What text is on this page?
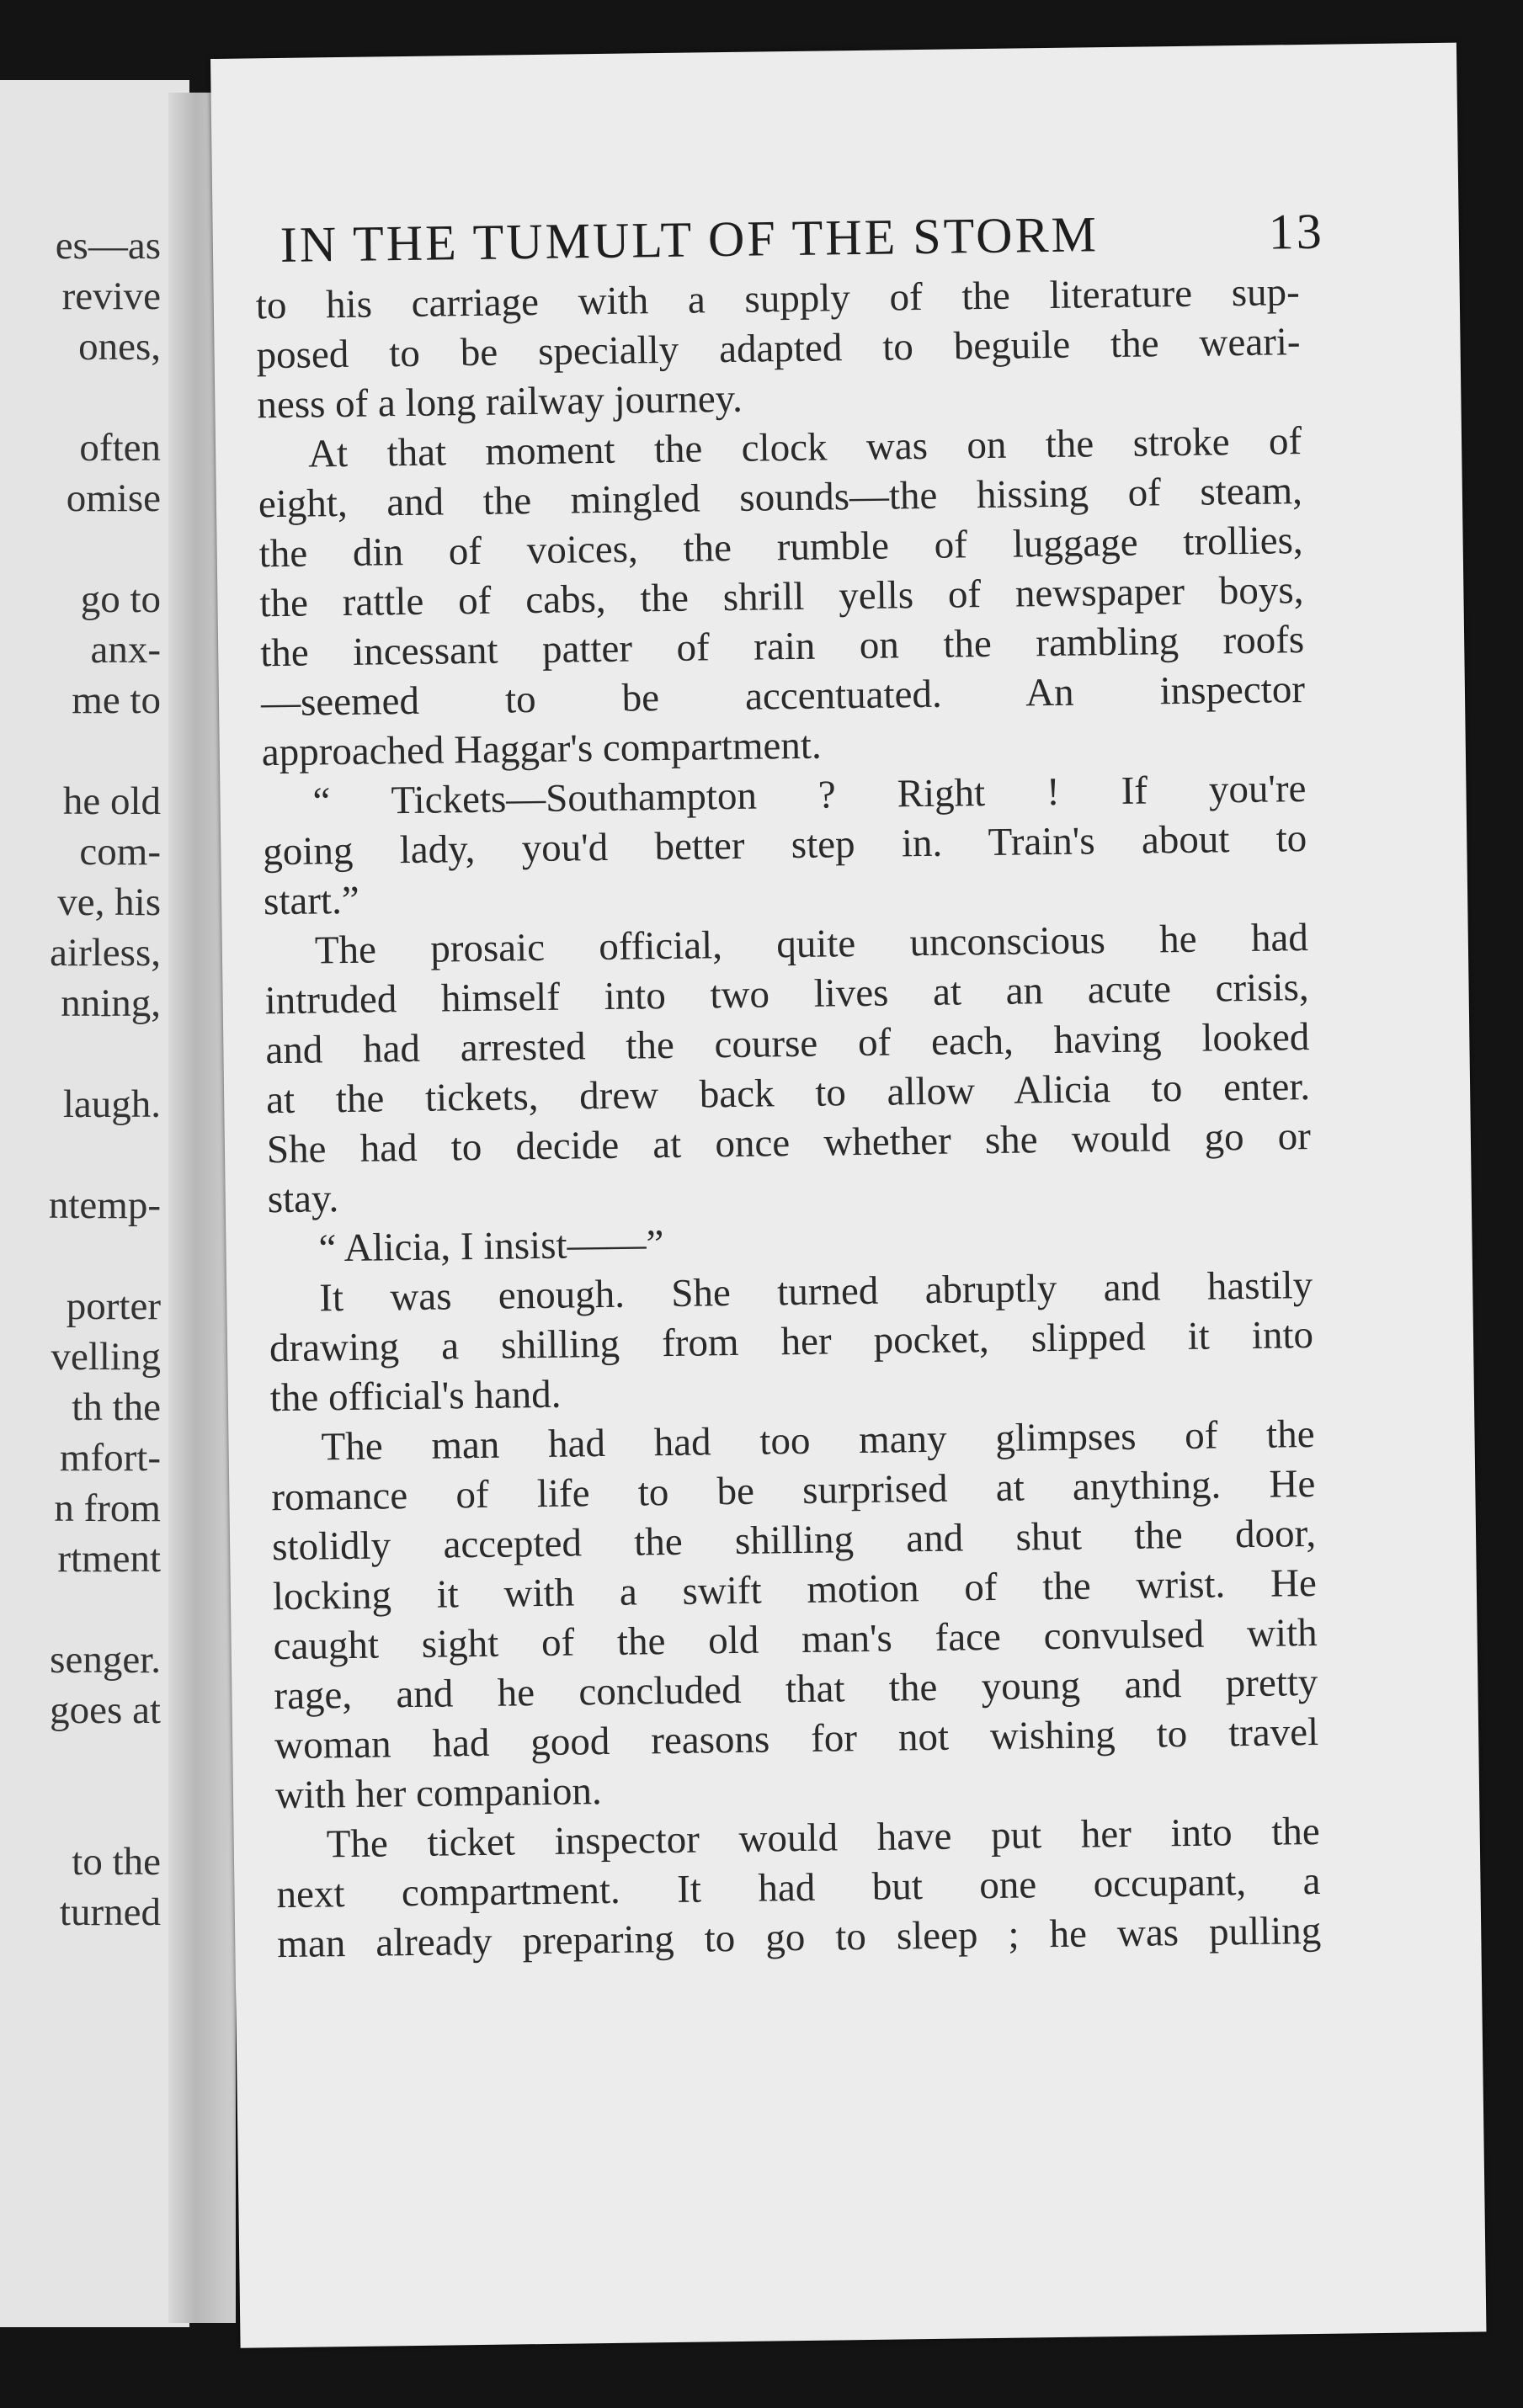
es—as
revive
ones,
often
omise
go to
anx-
me to
he old
com-
ve, his
airless,
nning,
laugh.
ntemp-
porter
velling
th the
mfort-
n from
rtment
senger.
goes at
to the
turned
IN THE TUMULT OF THE STORM	13
to his carriage with a supply of the literature sup-
posed to be specially adapted to beguile the weari-
ness of a long railway journey.
At that moment the clock was on the stroke of
eight, and the mingled sounds—the hissing of steam,
the din of voices, the rumble of luggage trollies,
the rattle of cabs, the shrill yells of newspaper boys,
the incessant patter of rain on the rambling roofs
—seemed to be accentuated. An inspector
approached Haggar's compartment.
“ Tickets—Southampton ? Right ! If you're
going lady, you'd better step in. Train's about to
start.”
The prosaic official, quite unconscious he had
intruded himself into two lives at an acute crisis,
and had arrested the course of each, having looked
at the tickets, drew back to allow Alicia to enter.
She had to decide at once whether she would go or
stay.
“ Alicia, I insist——”
It was enough. She turned abruptly and hastily
drawing a shilling from her pocket, slipped it into
the official's hand.
The man had had too many glimpses of the
romance of life to be surprised at anything. He
stolidly accepted the shilling and shut the door,
locking it with a swift motion of the wrist. He
caught sight of the old man's face convulsed with
rage, and he concluded that the young and pretty
woman had good reasons for not wishing to travel
with her companion.
The ticket inspector would have put her into the
next compartment. It had but one occupant, a
man already preparing to go to sleep ; he was pulling
